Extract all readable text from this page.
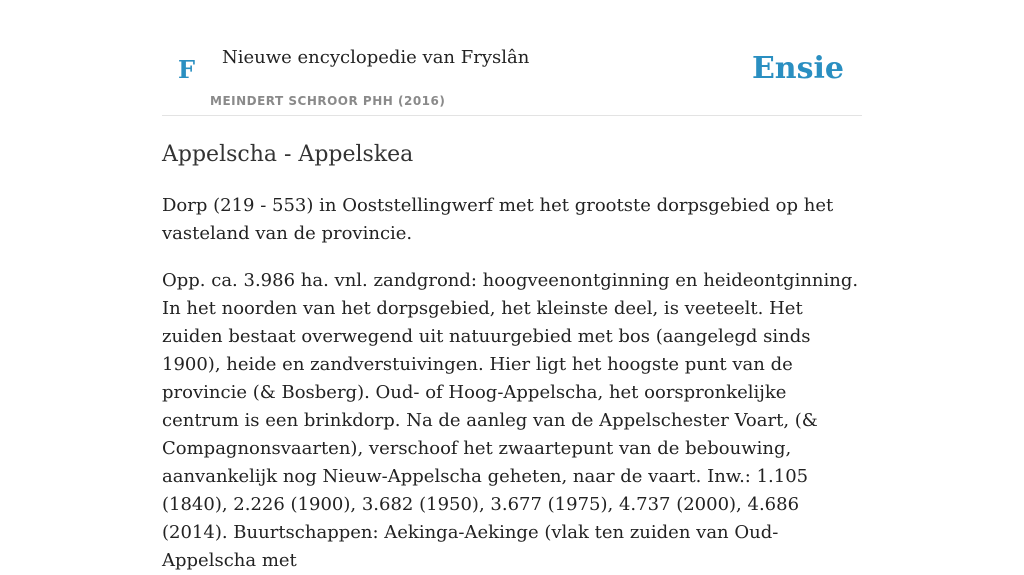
F Nieuwe encyclopedie van Fryslân
MEINDERT SCHROOR PHH (2016)
Ensie
Appelscha - Appelskea

Dorp (219 - 553) in Ooststellingwerf met het grootste dorpsgebied op het vasteland van de provincie.

Opp. ca. 3.986 ha. vnl. zandgrond: hoogveenontginning en heideontginning. In het noorden van het dorpsgebied, het kleinste deel, is veeteelt. Het zuiden bestaat overwegend uit natuurgebied met bos (aangelegd sinds 1900), heide en zandverstuivingen. Hier ligt het hoogste punt van de provincie (& Bosberg). Oud- of Hoog-Appelscha, het oorspronkelijke centrum is een brinkdorp. Na de aanleg van de Appelschester Voart, (& Compagnonsvaarten), verschoof het zwaartepunt van de bebouwing, aanvankelijk nog Nieuw-Appelscha geheten, naar de vaart. Inw.: 1.105 (1840), 2.226 (1900), 3.682 (1950), 3.677 (1975), 4.737 (2000), 4.686 (2014). Buurtschappen: Aekinga-Aekinge (vlak ten zuiden van Oud-Appelscha met
